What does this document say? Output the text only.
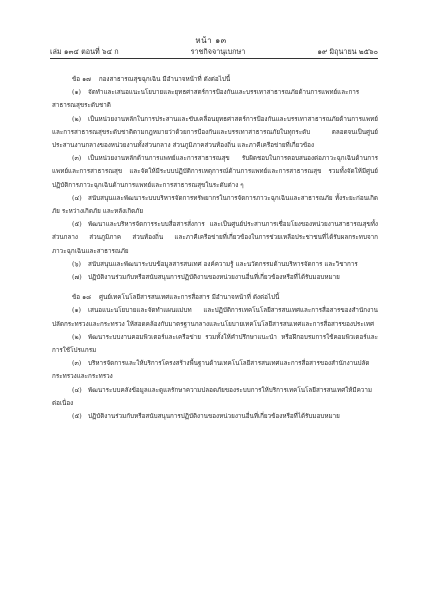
หน้า ๑๓
เล่ม ๑๓๔ ตอนที่ ๖๔ ก	ราชกิจจานุเบกษา	๑๙ มิถุนายน ๒๕๖๐

ข้อ ๑๗ กองสาธารณสุขฉุกเฉิน มีอำนาจหน้าที่ ดังต่อไปนี้

(๑) จัดทำและเสนอแนะนโยบายและยุทธศาสตร์การป้องกันและบรรเทาสาธารณภัยด้านการแพทย์และการสาธารณสุขระดับชาติ

(๒) เป็นหน่วยงานหลักในการประสานและขับเคลื่อนยุทธศาสตร์การป้องกันและบรรเทาสาธารณภัยด้านการแพทย์และการสาธารณสุขระดับชาติตามกฎหมายว่าด้วยการป้องกันและบรรเทาสาธารณภัยในทุกระดับ ตลอดจนเป็นศูนย์ประสานงานกลางของหน่วยงานทั้งส่วนกลาง ส่วนภูมิภาคส่วนท้องถิ่น และภาคีเครือข่ายที่เกี่ยวข้อง

(๓) เป็นหน่วยงานหลักด้านการแพทย์และการสาธารณสุข รับผิดชอบในการตอบสนองต่อภาวะฉุกเฉินด้านการแพทย์และการสาธารณสุข และจัดให้มีระบบปฏิบัติการเหตุการณ์ด้านการแพทย์และการสาธารณสุข รวมทั้งจัดให้มีศูนย์ปฏิบัติการภาวะฉุกเฉินด้านการแพทย์และการสาธารณสุขในระดับต่าง ๆ

(๔) สนับสนุนและพัฒนาระบบบริหารจัดการทรัพยากรในการจัดการภาวะฉุกเฉินและสาธารณภัย ทั้งระยะก่อนเกิดภัย ระหว่างเกิดภัย และหลังเกิดภัย

(๕) พัฒนาและบริหารจัดการระบบสื่อสารสั่งการ และเป็นศูนย์ประสานการเชื่อมโยงของหน่วยงานสาธารณสุขทั้งส่วนกลาง ส่วนภูมิภาค ส่วนท้องถิ่น และภาคีเครือข่ายที่เกี่ยวข้องในการช่วยเหลือประชาชนที่ได้รับผลกระทบจากภาวะฉุกเฉินและสาธารณภัย

(๖) สนับสนุนและพัฒนาระบบข้อมูลสารสนเทศ องค์ความรู้ และนวัตกรรมด้านบริหารจัดการ และวิชาการ

(๗) ปฏิบัติงานร่วมกับหรือสนับสนุนการปฏิบัติงานของหน่วยงานอื่นที่เกี่ยวข้องหรือที่ได้รับมอบหมาย

ข้อ ๑๘ ศูนย์เทคโนโลยีสารสนเทศและการสื่อสาร มีอำนาจหน้าที่ ดังต่อไปนี้

(๑) เสนอแนะนโยบายและจัดทำแผนแม่บท และปฏิบัติการเทคโนโลยีสารสนเทศและการสื่อสารของสำนักงานปลัดกระทรวงและกระทรวง ให้สอดคล้องกับมาตรฐานกลางและนโยบายเทคโนโลยีสารสนเทศและการสื่อสารของประเทศ

(๒) พัฒนาระบบงานคอมพิวเตอร์และเครือข่าย รวมทั้งให้คำปรึกษาแนะนำ หรือฝึกอบรมการใช้คอมพิวเตอร์และการใช้โปรแกรม

(๓) บริหารจัดการและให้บริการโครงสร้างพื้นฐานด้านเทคโนโลยีสารสนเทศและการสื่อสารของสำนักงานปลัดกระทรวงและกระทรวง

(๔) พัฒนาระบบคลังข้อมูลและดูแลรักษาความปลอดภัยของระบบการให้บริการเทคโนโลยีสารสนเทศให้มีความต่อเนื่อง

(๕) ปฏิบัติงานร่วมกับหรือสนับสนุนการปฏิบัติงานของหน่วยงานอื่นที่เกี่ยวข้องหรือที่ได้รับมอบหมาย
